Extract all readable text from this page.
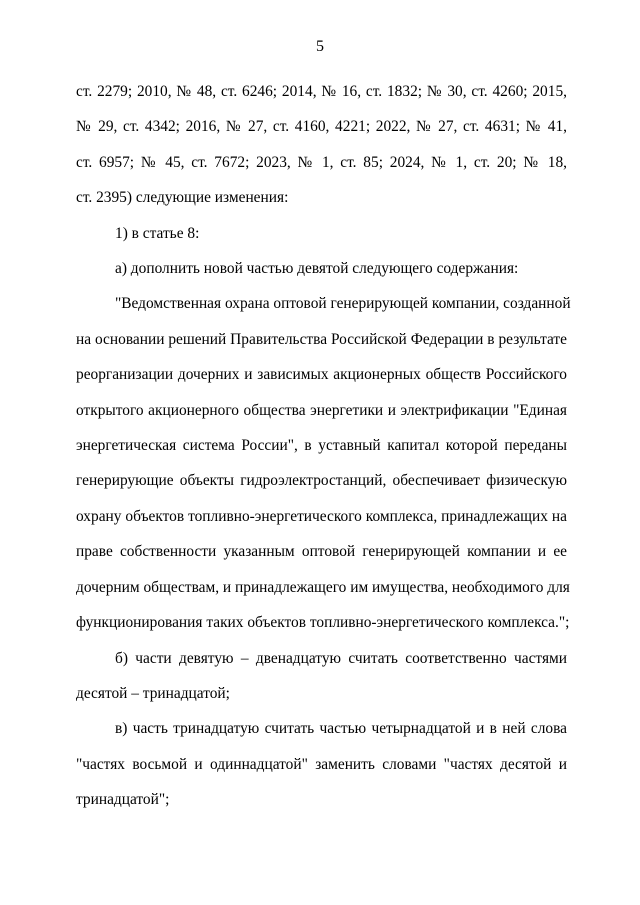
5

ст. 2279; 2010, № 48, ст. 6246; 2014, № 16, ст. 1832; № 30, ст. 4260; 2015,
№ 29, ст. 4342; 2016, № 27, ст. 4160, 4221; 2022, № 27, ст. 4631; № 41,
ст. 6957; № 45, ст. 7672; 2023, № 1, ст. 85; 2024, № 1, ст. 20; № 18,
ст. 2395) следующие изменения:

1) в статье 8:

а) дополнить новой частью девятой следующего содержания:

"Ведомственная охрана оптовой генерирующей компании, созданной
на основании решений Правительства Российской Федерации в результате
реорганизации дочерних и зависимых акционерных обществ Российского
открытого акционерного общества энергетики и электрификации "Единая
энергетическая система России", в уставный капитал которой переданы
генерирующие объекты гидроэлектростанций, обеспечивает физическую
охрану объектов топливно-энергетического комплекса, принадлежащих на
праве собственности указанным оптовой генерирующей компании и ее
дочерним обществам, и принадлежащего им имущества, необходимого для
функционирования таких объектов топливно-энергетического комплекса.";

б) части девятую – двенадцатую считать соответственно частями
десятой – тринадцатой;

в) часть тринадцатую считать частью четырнадцатой и в ней слова
"частях восьмой и одиннадцатой" заменить словами "частях десятой и
тринадцатой";
